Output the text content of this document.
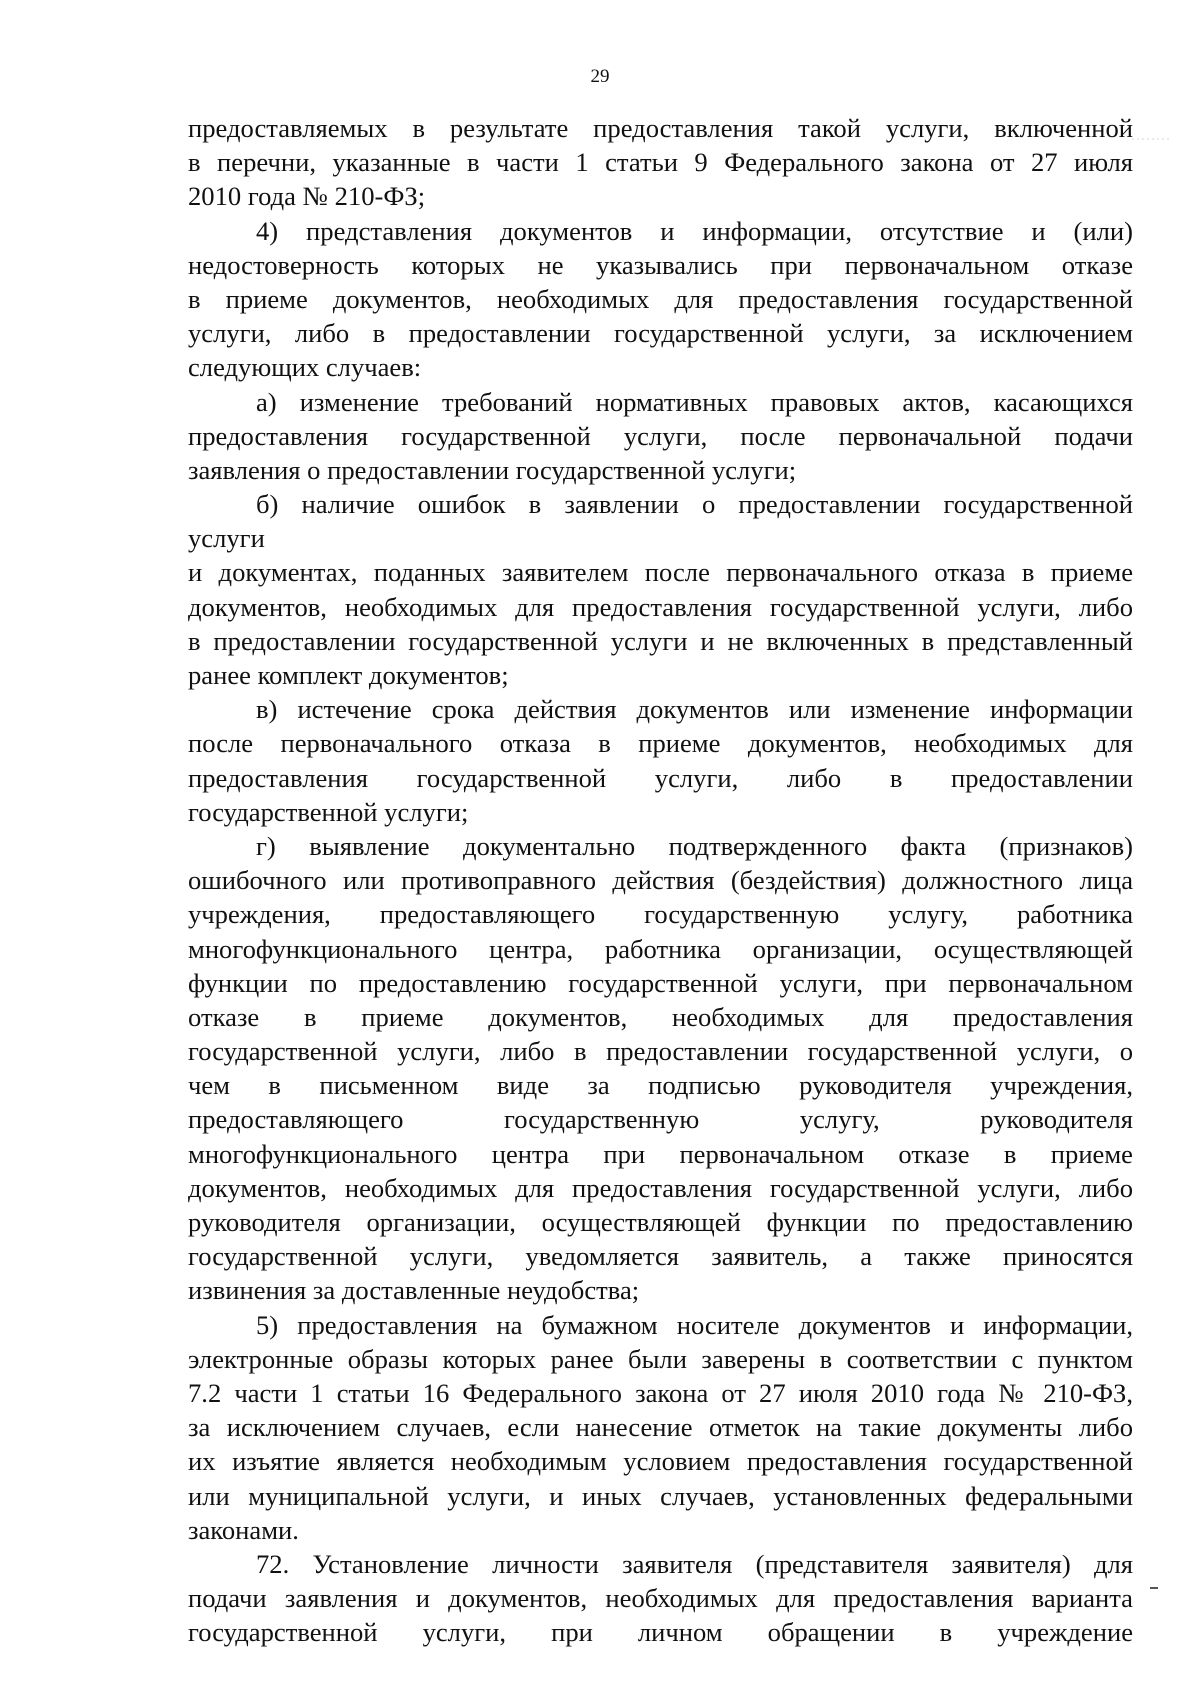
29
предоставляемых в результате предоставления такой услуги, включенной
в перечни, указанные в части 1 статьи 9 Федерального закона от 27 июля
2010 года № 210-ФЗ;
4) представления документов и информации, отсутствие и (или)
недостоверность которых не указывались при первоначальном отказе
в приеме документов, необходимых для предоставления государственной
услуги, либо в предоставлении государственной услуги, за исключением
следующих случаев:
а) изменение требований нормативных правовых актов, касающихся
предоставления государственной услуги, после первоначальной подачи
заявления о предоставлении государственной услуги;
б) наличие ошибок в заявлении о предоставлении государственной
услуги
и документах, поданных заявителем после первоначального отказа в приеме
документов, необходимых для предоставления государственной услуги, либо
в предоставлении государственной услуги и не включенных в представленный
ранее комплект документов;
в) истечение срока действия документов или изменение информации
после первоначального отказа в приеме документов, необходимых для
предоставления государственной услуги, либо в предоставлении
государственной услуги;
г) выявление документально подтвержденного факта (признаков)
ошибочного или противоправного действия (бездействия) должностного лица
учреждения, предоставляющего государственную услугу, работника
многофункционального центра, работника организации, осуществляющей
функции по предоставлению государственной услуги, при первоначальном
отказе в приеме документов, необходимых для предоставления
государственной услуги, либо в предоставлении государственной услуги, о
чем в письменном виде за подписью руководителя учреждения,
предоставляющего государственную услугу, руководителя
многофункционального центра при первоначальном отказе в приеме
документов, необходимых для предоставления государственной услуги, либо
руководителя организации, осуществляющей функции по предоставлению
государственной услуги, уведомляется заявитель, а также приносятся
извинения за доставленные неудобства;
5) предоставления на бумажном носителе документов и информации,
электронные образы которых ранее были заверены в соответствии с пунктом
7.2 части 1 статьи 16 Федерального закона от 27 июля 2010 года № 210-ФЗ,
за исключением случаев, если нанесение отметок на такие документы либо
их изъятие является необходимым условием предоставления государственной
или муниципальной услуги, и иных случаев, установленных федеральными
законами.
72. Установление личности заявителя (представителя заявителя) для
подачи заявления и документов, необходимых для предоставления варианта
государственной услуги, при личном обращении в учреждение
